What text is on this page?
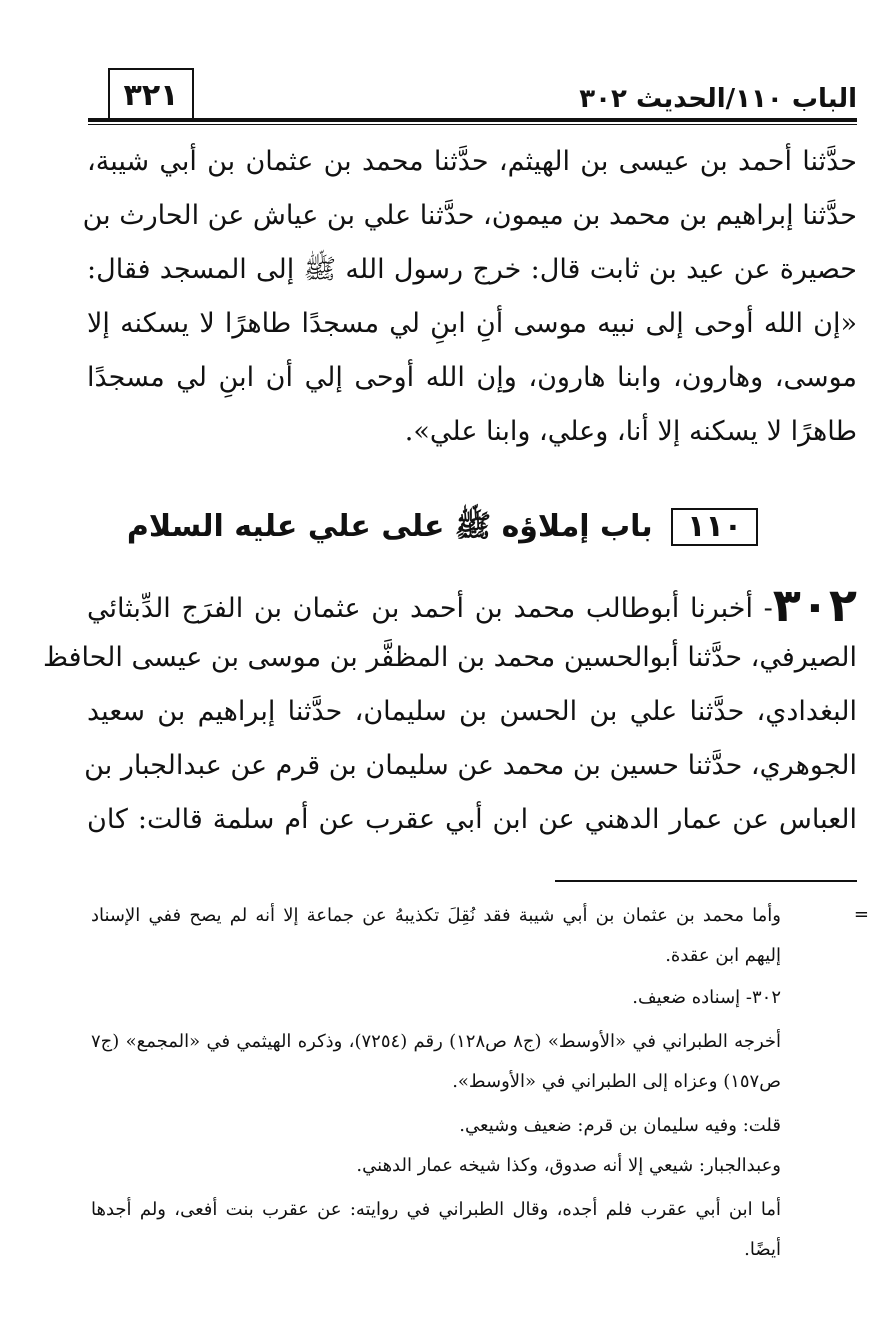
الباب ١١٠/الحديث ٣٠٢
٣٢١
حدَّثنا أحمد بن عيسى بن الهيثم، حدَّثنا محمد بن عثمان بن أبي شيبة،
حدَّثنا إبراهيم بن محمد بن ميمون، حدَّثنا علي بن عياش عن الحارث بن
حصيرة عن عيد بن ثابت قال: خرج رسول الله ﷺ إلى المسجد فقال:
«إن الله أوحى إلى نبيه موسى أنِ ابنِ لي مسجدًا طاهرًا لا يسكنه إلا
موسى، وهارون، وابنا هارون، وإن الله أوحى إلي أن ابنِ لي مسجدًا
طاهرًا لا يسكنه إلا أنا، وعلي، وابنا علي».
١١٠ باب إملاؤه ﷺ على علي عليه السلام
٣٠٢- أخبرنا أبوطالب محمد بن أحمد بن عثمان بن الفرَج الدِّبثائي
الصيرفي، حدَّثنا أبوالحسين محمد بن المظفَّر بن موسى بن عيسى الحافظ
البغدادي، حدَّثنا علي بن الحسن بن سليمان، حدَّثنا إبراهيم بن سعيد
الجوهري، حدَّثنا حسين بن محمد عن سليمان بن قرم عن عبدالجبار بن
العباس عن عمار الدهني عن ابن أبي عقرب عن أم سلمة قالت: كان
=
وأما محمد بن عثمان بن أبي شيبة فقد نُقِلَ تكذيبهُ عن جماعة إلا أنه لم يصح ففي الإسناد
إليهم ابن عقدة.
٣٠٢- إسناده ضعيف.
أخرجه الطبراني في «الأوسط» (ج٨ ص١٢٨) رقم (٧٢٥٤)، وذكره الهيثمي في «المجمع» (ج٧
ص١٥٧) وعزاه إلى الطبراني في «الأوسط».
قلت: وفيه سليمان بن قرم: ضعيف وشيعي.
وعبدالجبار: شيعي إلا أنه صدوق، وكذا شيخه عمار الدهني.
أما ابن أبي عقرب فلم أجده، وقال الطبراني في روايته: عن عقرب بنت أفعى، ولم أجدها
أيضًا.
